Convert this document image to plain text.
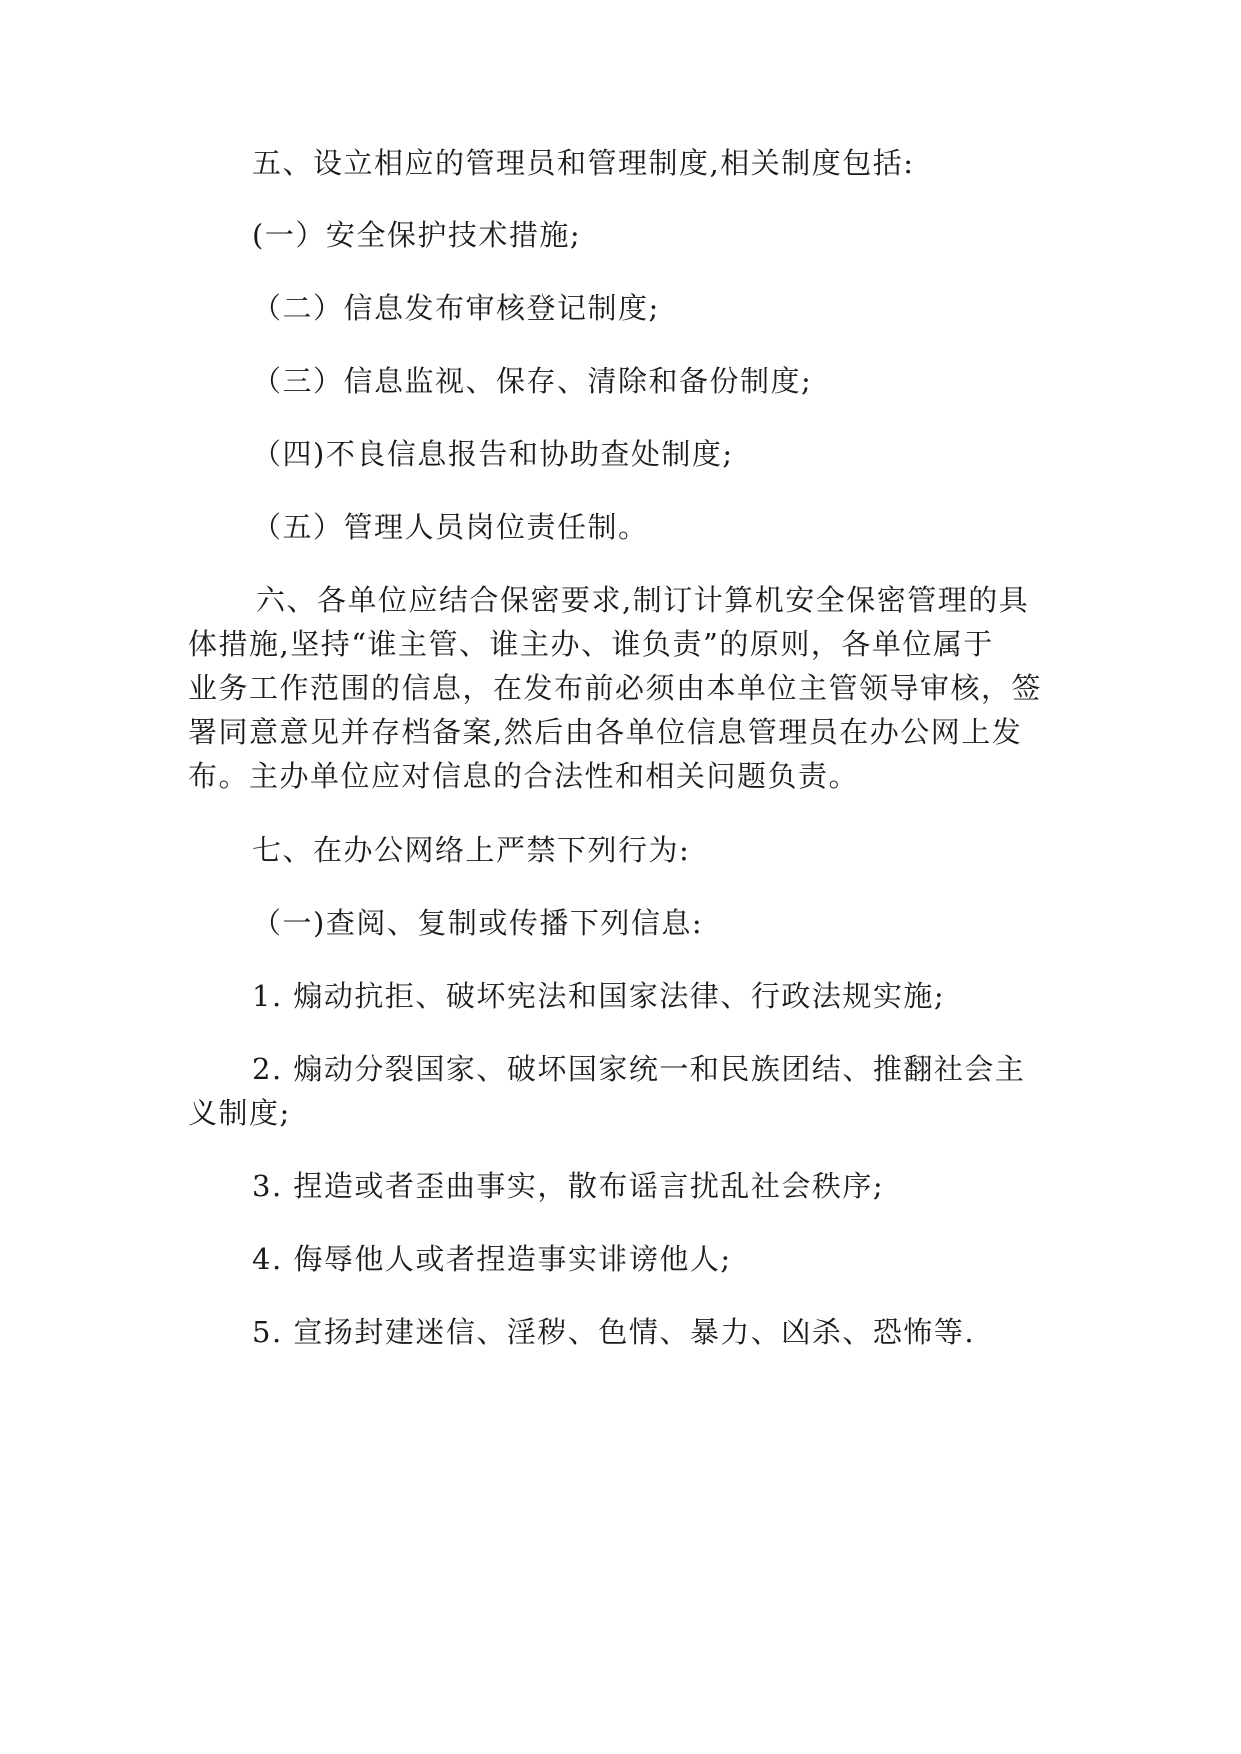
五、设立相应的管理员和管理制度,相关制度包括:

(一）安全保护技术措施;

（二）信息发布审核登记制度;

（三）信息监视、保存、清除和备份制度;

（四)不良信息报告和协助查处制度;

（五）管理人员岗位责任制。

六、各单位应结合保密要求,制订计算机安全保密管理的具

体措施,坚持“谁主管、谁主办、谁负责”的原则，各单位属于

业务工作范围的信息，在发布前必须由本单位主管领导审核，签

署同意意见并存档备案,然后由各单位信息管理员在办公网上发

布。主办单位应对信息的合法性和相关问题负责。

七、在办公网络上严禁下列行为:

（一)查阅、复制或传播下列信息:

1. 煽动抗拒、破坏宪法和国家法律、行政法规实施;

2. 煽动分裂国家、破坏国家统一和民族团结、推翻社会主

义制度;

3. 捏造或者歪曲事实，散布谣言扰乱社会秩序;

4. 侮辱他人或者捏造事实诽谤他人;

5. 宣扬封建迷信、淫秽、色情、暴力、凶杀、恐怖等.
